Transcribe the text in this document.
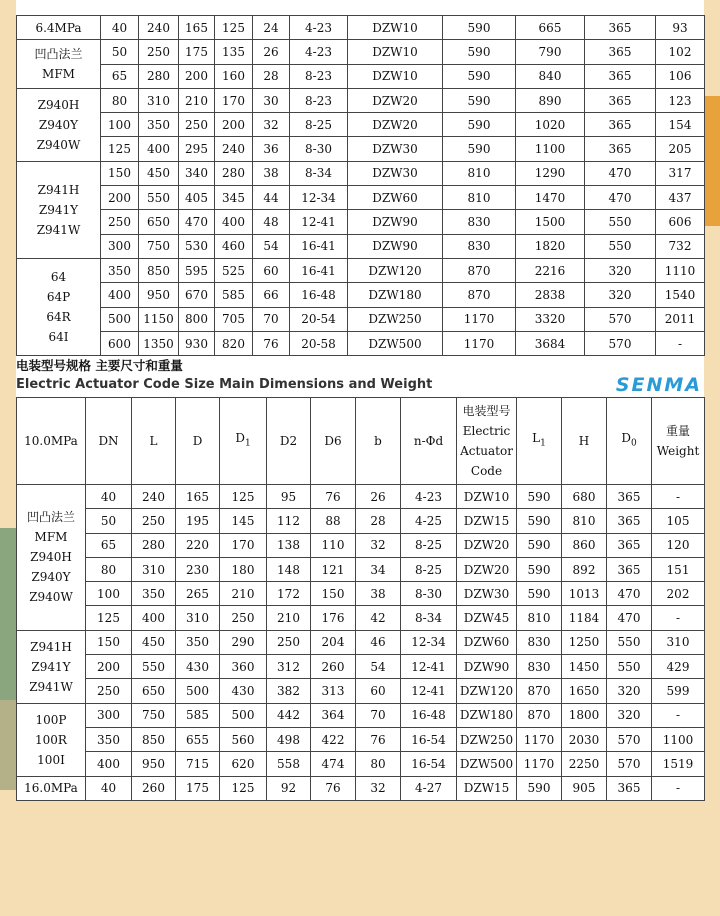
6.4MPa	40	240	165	125	24	4-23	DZW10	590	665	365	93
凹凸法兰
MFM	50	250	175	135	26	4-23	DZW10	590	790	365	102
	65	280	200	160	28	8-23	DZW10	590	840	365	106
Z940H
Z940Y
Z940W	80	310	210	170	30	8-23	DZW20	590	890	365	123
	100	350	250	200	32	8-25	DZW20	590	1020	365	154
	125	400	295	240	36	8-30	DZW30	590	1100	365	205
Z941H
Z941Y
Z941W	150	450	340	280	38	8-34	DZW30	810	1290	470	317
	200	550	405	345	44	12-34	DZW60	810	1470	470	437
	250	650	470	400	48	12-41	DZW90	830	1500	550	606
	300	750	530	460	54	16-41	DZW90	830	1820	550	732
64
64P
64R
64I	350	850	595	525	60	16-41	DZW120	870	2216	320	1110
	400	950	670	585	66	16-48	DZW180	870	2838	320	1540
	500	1150	800	705	70	20-54	DZW250	1170	3320	570	2011
	600	1350	930	820	76	20-58	DZW500	1170	3684	570	-
电装型号规格 主要尺寸和重量
Electric Actuator Code Size Main Dimensions and Weight	SENMA
10.0MPa	DN	L	D	$D_1$	D2	D6	b	n-Φd	电装型号
Electric
Actuator
Code	$L_1$	H	$D_0$	重量
Weight
凹凸法兰
MFM
Z940H
Z940Y
Z940W	40	240	165	125	95	76	26	4-23	DZW10	590	680	365	-
	50	250	195	145	112	88	28	4-25	DZW15	590	810	365	105
	65	280	220	170	138	110	32	8-25	DZW20	590	860	365	120
	80	310	230	180	148	121	34	8-25	DZW20	590	892	365	151
	100	350	265	210	172	150	38	8-30	DZW30	590	1013	470	202
	125	400	310	250	210	176	42	8-34	DZW45	810	1184	470	-
Z941H
Z941Y
Z941W	150	450	350	290	250	204	46	12-34	DZW60	830	1250	550	310
	200	550	430	360	312	260	54	12-41	DZW90	830	1450	550	429
	250	650	500	430	382	313	60	12-41	DZW120	870	1650	320	599
100P
100R
100I	300	750	585	500	442	364	70	16-48	DZW180	870	1800	320	-
	350	850	655	560	498	422	76	16-54	DZW250	1170	2030	570	1100
	400	950	715	620	558	474	80	16-54	DZW500	1170	2250	570	1519
16.0MPa	40	260	175	125	92	76	32	4-27	DZW15	590	905	365	-
